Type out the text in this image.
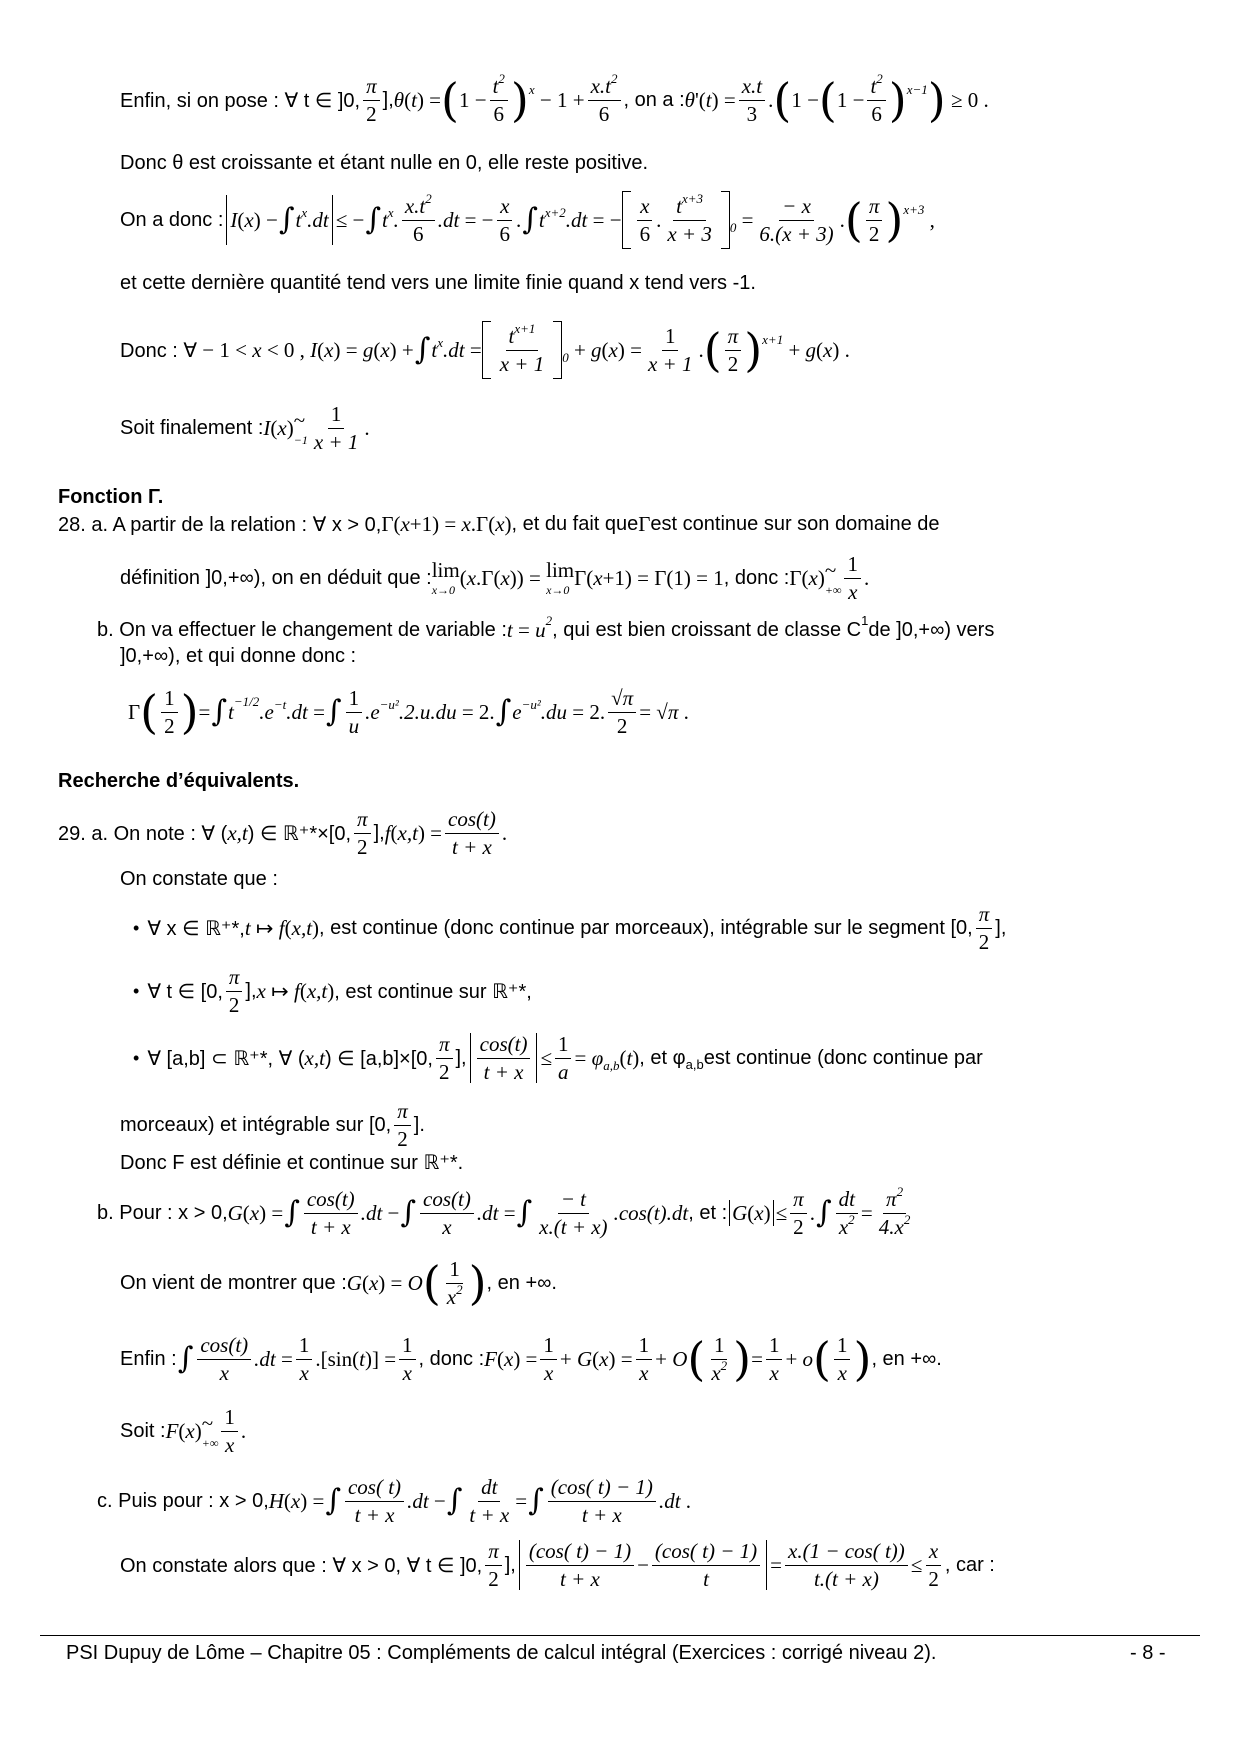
Enfin, si on pose : ∀ t ∈ ]0, $\frac{\pi}{2}$ ], θ ( t ) = ( $1 - \frac{t^2}{6}$ ) $x - 1 + \frac{x.t^2}{6}$ , on a : θ '( t ) = $\frac{x.t}{3}$ . ( 1 − ( $1 - \frac{t^2}{6}$ ) x−1 ) ≥ 0 .
Donc θ est croissante et étant nulle en 0, elle reste positive.
On a donc : I ( x ) − ∫ $t^x.dt$ ≤ − ∫ $t^x$. $\frac{x.t^2}{6} .dt$ = − $\frac{x}{6}$ . ∫ $t^{x+2}.dt$ = − $\frac{x}{6}$ . $\frac{t^{x+3}}{x + 3} 0 = \frac{- x}{6.(x + 3)}$ . ( $\frac{\pi}{2}$ ) x+3 ,
et cette dernière quantité tend vers une limite finie quand x tend vers -1.
Donc : ∀ − 1 < x < 0 , I ( x ) = g ( x ) + ∫ $t^x.dt = \frac{t^{x+1}}{x + 1} 0 + g$ ( x ) = $\frac{1}{x + 1}$ . ( $\frac{\pi}{2}$ ) x+1 + g ( x ) .
Soit finalement : I ( x ) ~
$-1 \frac{1}{x + 1}$ .
Fonction Γ.
28. a. A partir de la relation : ∀ x > 0, Γ( x +1) = x .Γ( x ) , et du fait que Γ est continue sur son domaine de
définition ]0,+∞), on en déduit que : lim
x→0
( x .Γ( x )) = lim
x→0
Γ( x +1) = Γ(1) = 1 , donc : Γ( x ) ~
+∞ $\frac{1}{x}$ .
b. On va effectuer le changement de variable : t = u 2 , qui est bien croissant de classe C 1 de ]0,+∞) vers
]0,+∞), et qui donne donc :
Γ ( $\frac{1}{2}$ ) = ∫ t −1/2 $.e^{-t}.dt$ = ∫ $\frac{1}{u} .e^{-u^2}.2.u.du = 2$. ∫ $e^{-u^2}.du = 2$. $\frac{√\pi}{2}$ = √ π .
Recherche d’équivalents.
29. a. On note : ∀ ( x,t ) ∈ ℝ⁺*×[0, $\frac{\pi}{2}$ ], f ( x,t ) = $\frac{\cos(t)}{t + x}$ .
On constate que :
• ∀ x ∈ ℝ⁺*, t ↦ f ( x,t ) , est continue (donc continue par morceaux), intégrable sur le segment [0, $\frac{\pi}{2}$ ],
• ∀ t ∈ [0, $\frac{\pi}{2}$ ], x ↦ f ( x,t ) , est continue sur ℝ⁺*,
• ∀ [a,b] ⊂ ℝ⁺*, ∀ ( x,t ) ∈ [a,b]×[0, $\frac{\pi}{2}$ ], $\frac{\cos(t)}{t + x} \le \frac{1}{a} = \varphi$ a,b ( t ) , et φ a,b est continue (donc continue par
morceaux) et intégrable sur [0, $\frac{\pi}{2}$ ].
Donc F est définie et continue sur ℝ⁺*.
b. Pour : x > 0, G ( x ) = ∫ $\frac{\cos(t)}{t + x} .dt$ − ∫ $\frac{\cos(t)}{x} .dt$ = ∫ $\frac{- t}{x.(t + x)} .\cos(t).dt$ , et : G ( x ) ≤ $\frac{\pi}{2}$ . ∫ $\frac{dt}{x^2} = \frac{\pi^2}{4.x^2}$
On vient de montrer que : G ( x ) = O ( $\frac{1}{x^2}$ ) , en +∞.
Enfin : ∫ $\frac{\cos(t)}{x} .dt = \frac{1}{x} .[\sin$( t )] = $\frac{1}{x}$ , donc : F ( x ) = $\frac{1}{x} + G$ ( x ) = $\frac{1}{x} + O$ ( $\frac{1}{x^2}$ ) = $\frac{1}{x} + o$ ( $\frac{1}{x}$ ) , en +∞.
Soit : F ( x ) ~
+∞ $\frac{1}{x}$ .
c. Puis pour : x > 0, H ( x ) = ∫ $\frac{\cos( t)}{t + x} .dt$ − ∫ $\frac{dt}{t + x}$ = ∫ $\frac{(\cos( t) - 1)}{t + x} .dt$ .
On constate alors que : ∀ x > 0, ∀ t ∈ ]0, $\frac{\pi}{2}$ ], $\frac{(\cos( t) - 1)}{t + x} - \frac{(\cos( t) - 1)}{t} = \frac{x.(1 - \cos( t))}{t.(t + x)} \le \frac{x}{2}$ , car :
PSI Dupuy de Lôme – Chapitre 05 : Compléments de calcul intégral (Exercices : corrigé niveau 2).	- 8 -
